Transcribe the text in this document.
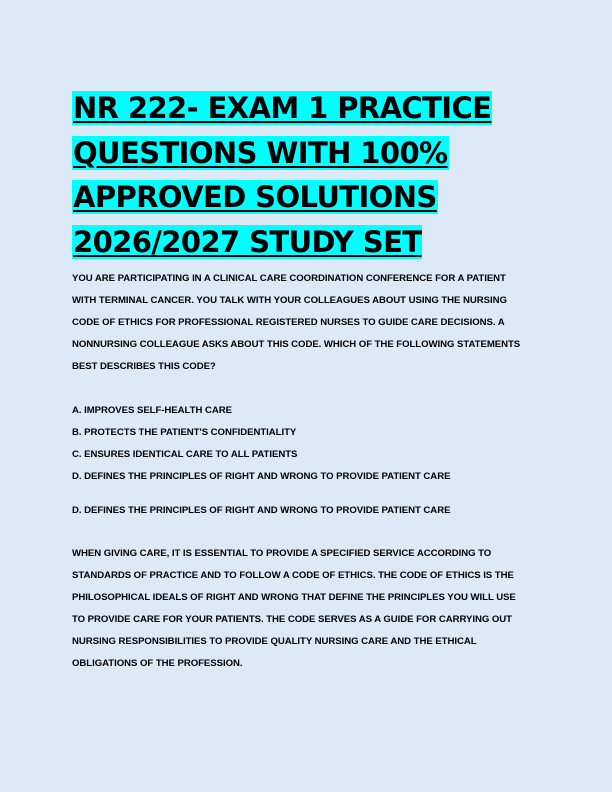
NR 222- EXAM 1 PRACTICE
QUESTIONS WITH 100%
APPROVED SOLUTIONS
2026/2027 STUDY SET
YOU ARE PARTICIPATING IN A CLINICAL CARE COORDINATION CONFERENCE FOR A PATIENT
WITH TERMINAL CANCER. YOU TALK WITH YOUR COLLEAGUES ABOUT USING THE NURSING
CODE OF ETHICS FOR PROFESSIONAL REGISTERED NURSES TO GUIDE CARE DECISIONS. A
NONNURSING COLLEAGUE ASKS ABOUT THIS CODE. WHICH OF THE FOLLOWING STATEMENTS
BEST DESCRIBES THIS CODE?
A. IMPROVES SELF-HEALTH CARE
B. PROTECTS THE PATIENT'S CONFIDENTIALITY
C. ENSURES IDENTICAL CARE TO ALL PATIENTS
D. DEFINES THE PRINCIPLES OF RIGHT AND WRONG TO PROVIDE PATIENT CARE
D. DEFINES THE PRINCIPLES OF RIGHT AND WRONG TO PROVIDE PATIENT CARE
WHEN GIVING CARE, IT IS ESSENTIAL TO PROVIDE A SPECIFIED SERVICE ACCORDING TO
STANDARDS OF PRACTICE AND TO FOLLOW A CODE OF ETHICS. THE CODE OF ETHICS IS THE
PHILOSOPHICAL IDEALS OF RIGHT AND WRONG THAT DEFINE THE PRINCIPLES YOU WILL USE
TO PROVIDE CARE FOR YOUR PATIENTS. THE CODE SERVES AS A GUIDE FOR CARRYING OUT
NURSING RESPONSIBILITIES TO PROVIDE QUALITY NURSING CARE AND THE ETHICAL
OBLIGATIONS OF THE PROFESSION.
